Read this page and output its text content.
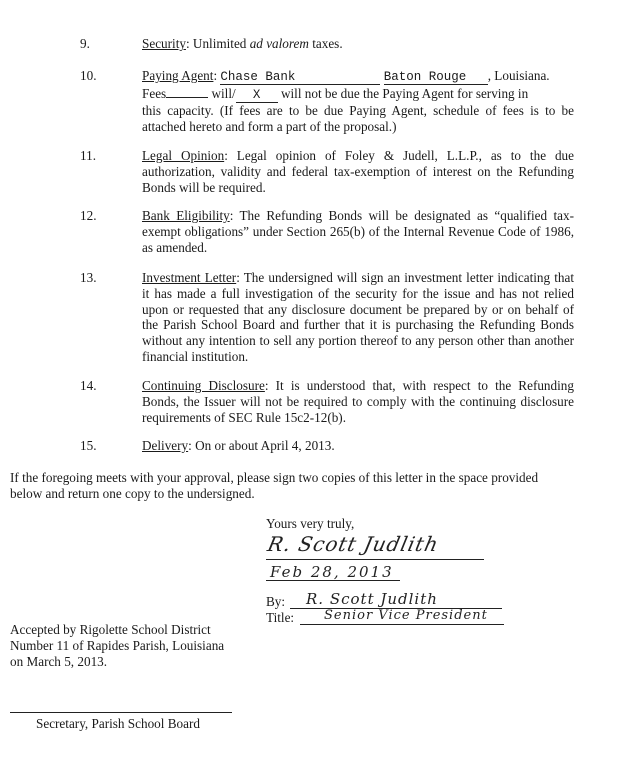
9.	Security: Unlimited ad valorem taxes.
10.	Paying Agent: Chase Bank	Baton Rouge , Louisiana.
Fees	will/ X will not be due the Paying Agent for serving in
this capacity. (If fees are to be due Paying Agent, schedule of fees is to be
attached hereto and form a part of the proposal.)
11.	Legal Opinion: Legal opinion of Foley & Judell, L.L.P., as to the due authorization, validity and federal tax-exemption of interest on the Refunding Bonds will be required.
12.	Bank Eligibility: The Refunding Bonds will be designated as “qualified tax-exempt obligations” under Section 265(b) of the Internal Revenue Code of 1986, as amended.
13.	Investment Letter: The undersigned will sign an investment letter indicating that it has made a full investigation of the security for the issue and has not relied upon or requested that any disclosure document be prepared by or on behalf of the Parish School Board and further that it is purchasing the Refunding Bonds without any intention to sell any portion thereof to any person other than another financial institution.
14.	Continuing Disclosure: It is understood that, with respect to the Refunding Bonds, the Issuer will not be required to comply with the continuing disclosure requirements of SEC Rule 15c2-12(b).
15.	Delivery: On or about April 4, 2013.
If the foregoing meets with your approval, please sign two copies of this letter in the space provided below and return one copy to the undersigned.
Yours very truly,
R. Scott Judlith
Feb 28, 2013
By: R. Scott Judlith
Title: Senior Vice President
Accepted by Rigolette School District
Number 11 of Rapides Parish, Louisiana
on March 5, 2013.
Secretary, Parish School Board
